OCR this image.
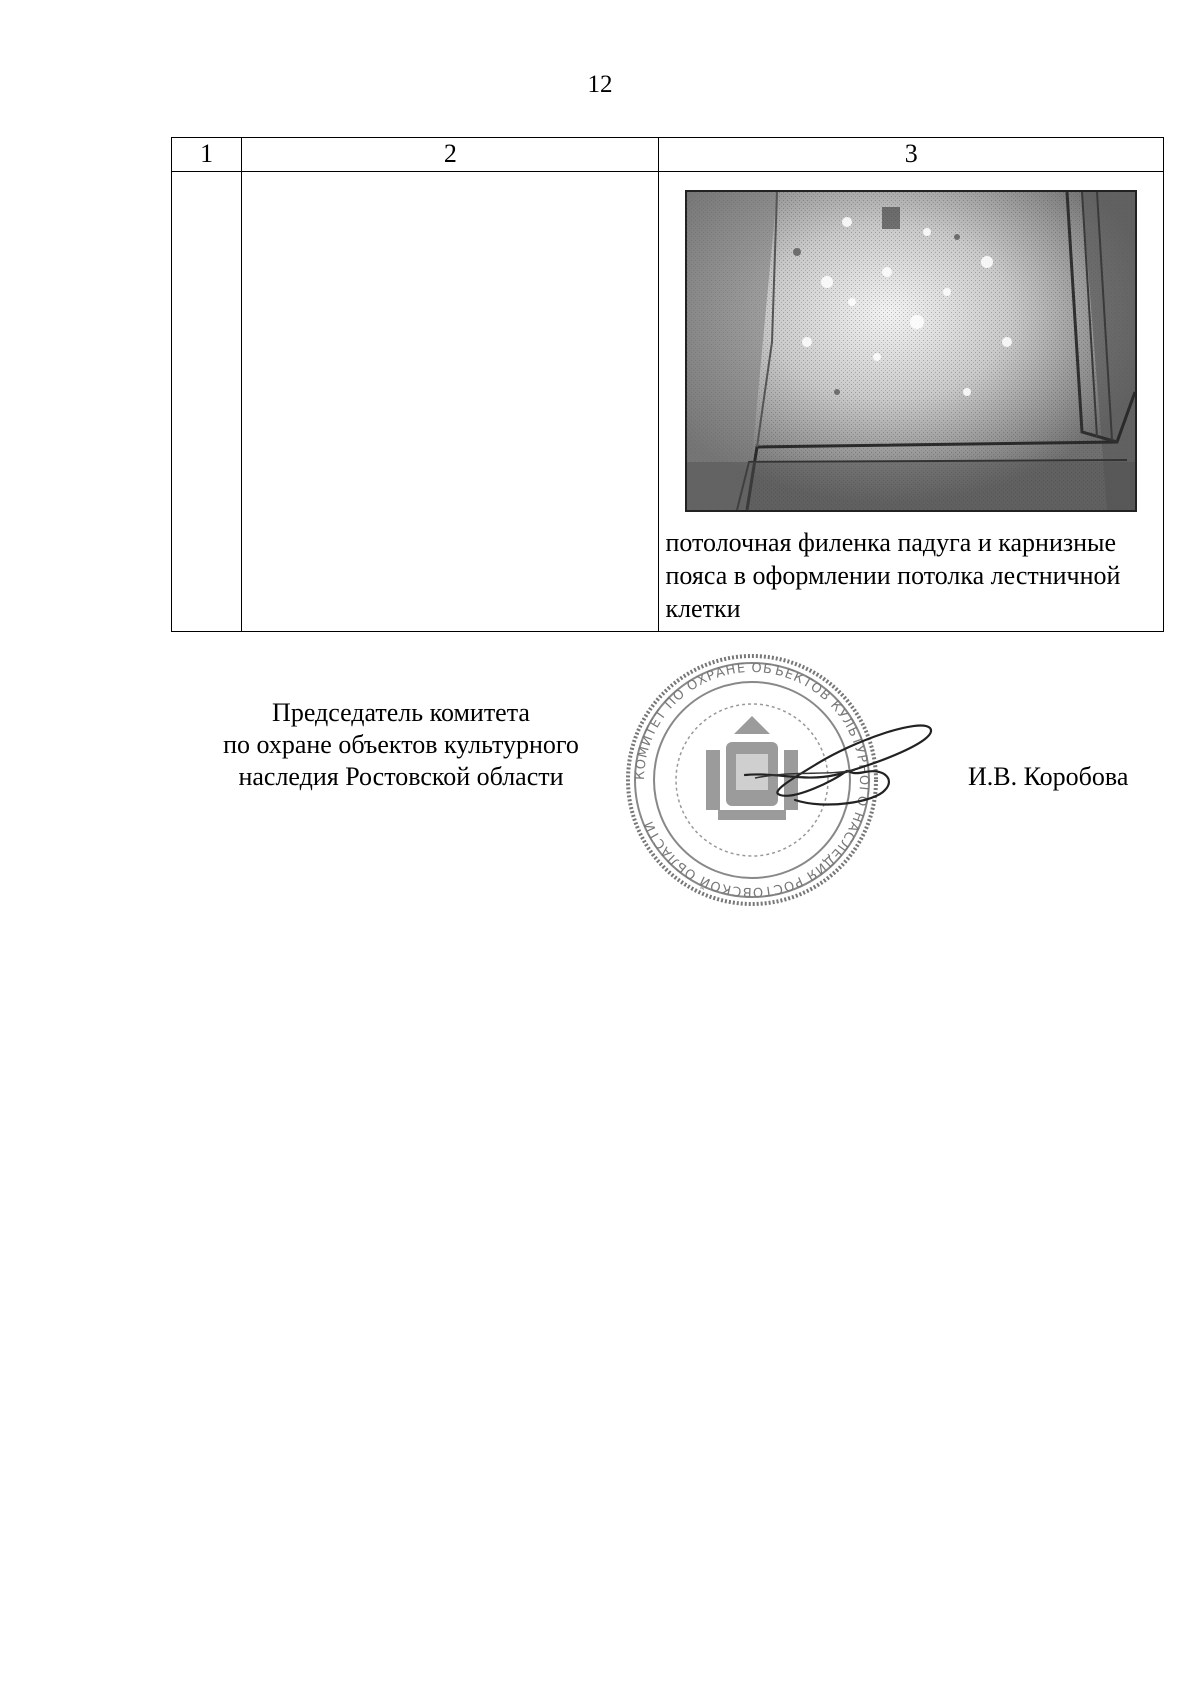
12
1	2	3

		потолочная филенка падуга и карнизные пояса в оформлении потолка лестничной клетки
Председатель комитета
по охране объектов культурного
наследия Ростовской области	КОМИТЕТ ПО ОХРАНЕ ОБЪЕКТОВ КУЛЬТУРНОГО НАСЛЕДИЯ РОСТОВСКОЙ ОБЛАСТИ
И.В. Коробова
